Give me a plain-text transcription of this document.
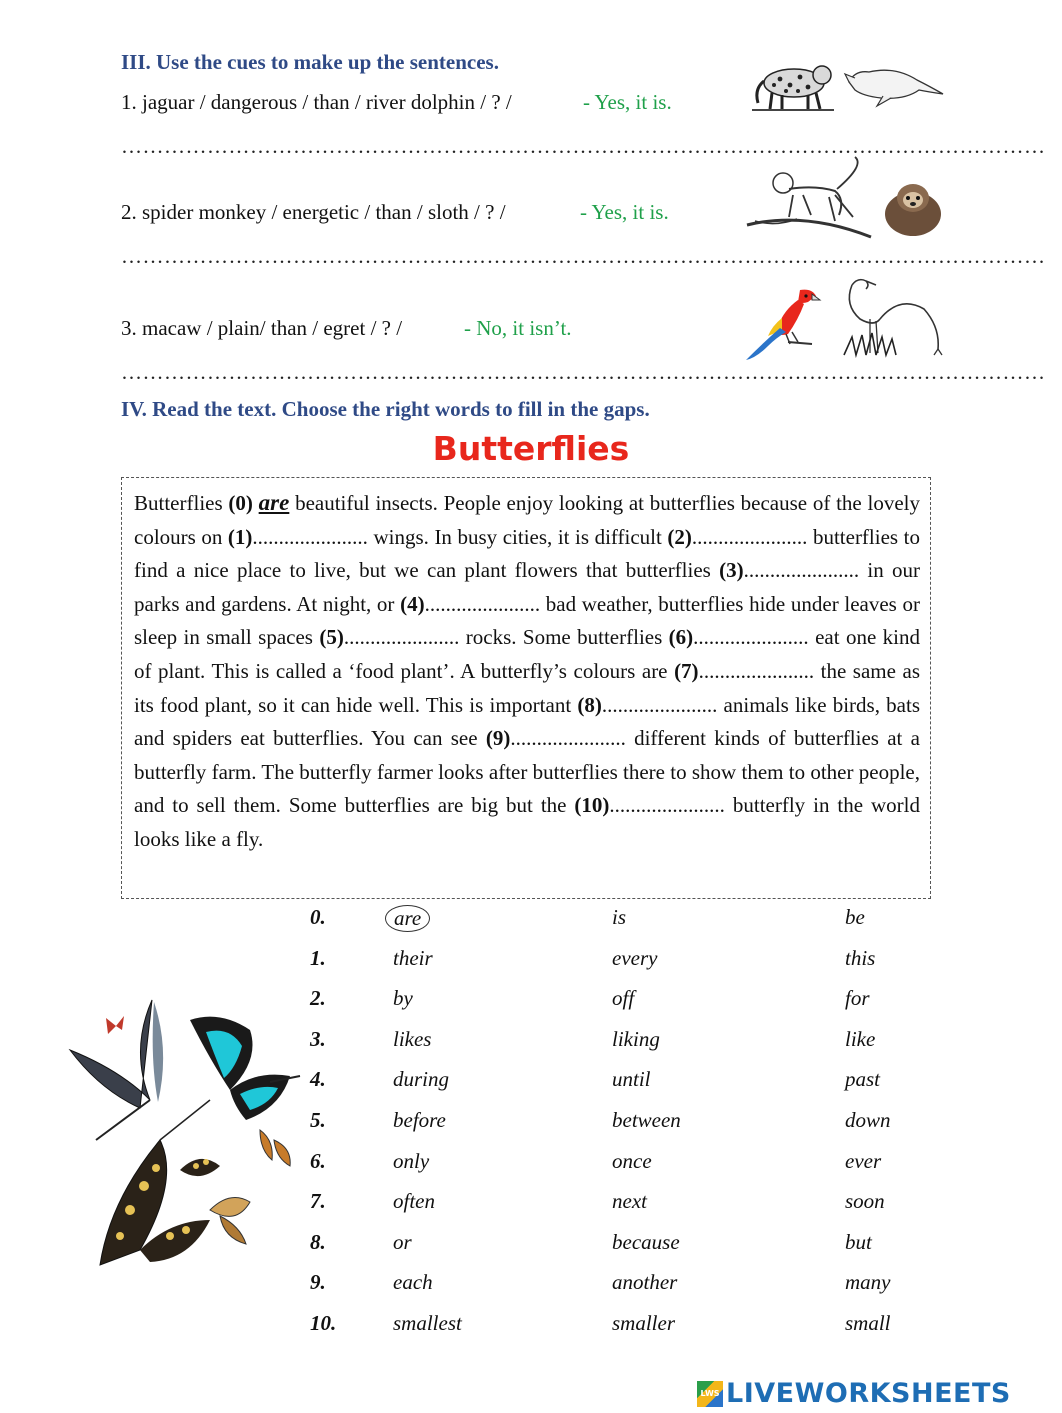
III. Use the cues to make up the sentences.
1. jaguar / dangerous / than / river dolphin / ? /	- Yes, it is.
…………………………………………………………………………………………………………………
2. spider monkey / energetic / than / sloth / ? /	- Yes, it is.
…………………………………………………………………………………………………………………
3. macaw / plain/ than / egret / ? /	- No, it isn’t.
…………………………………………………………………………………………………………………
IV. Read the text. Choose the right words to fill in the gaps.
Butterflies
Butterflies (0) are beautiful insects. People enjoy looking at butterflies because of the lovely colours on (1)...................... wings. In busy cities, it is difficult (2)...................... butterflies to find a nice place to live, but we can plant flowers that butterflies (3)...................... in our parks and gardens. At night, or (4)...................... bad weather, butterflies hide under leaves or sleep in small spaces (5)...................... rocks. Some butterflies (6)...................... eat one kind of plant. This is called a ‘food plant’. A butterfly’s colours are (7)...................... the same as its food plant, so it can hide well. This is important (8)...................... animals like birds, bats and spiders eat butterflies. You can see (9)...................... different kinds of butterflies at a butterfly farm. The butterfly farmer looks after butterflies there to show them to other people, and to sell them. Some butterflies are big but the (10)...................... butterfly in the world looks like a fly.
0.	are	is	be
1.	their	every	this
2.	by	off	for
3.	likes	liking	like
4.	during	until	past
5.	before	between	down
6.	only	once	ever
7.	often	next	soon
8.	or	because	but
9.	each	another	many
10.	smallest	smaller	small
LWS LIVEWORKSHEETS
